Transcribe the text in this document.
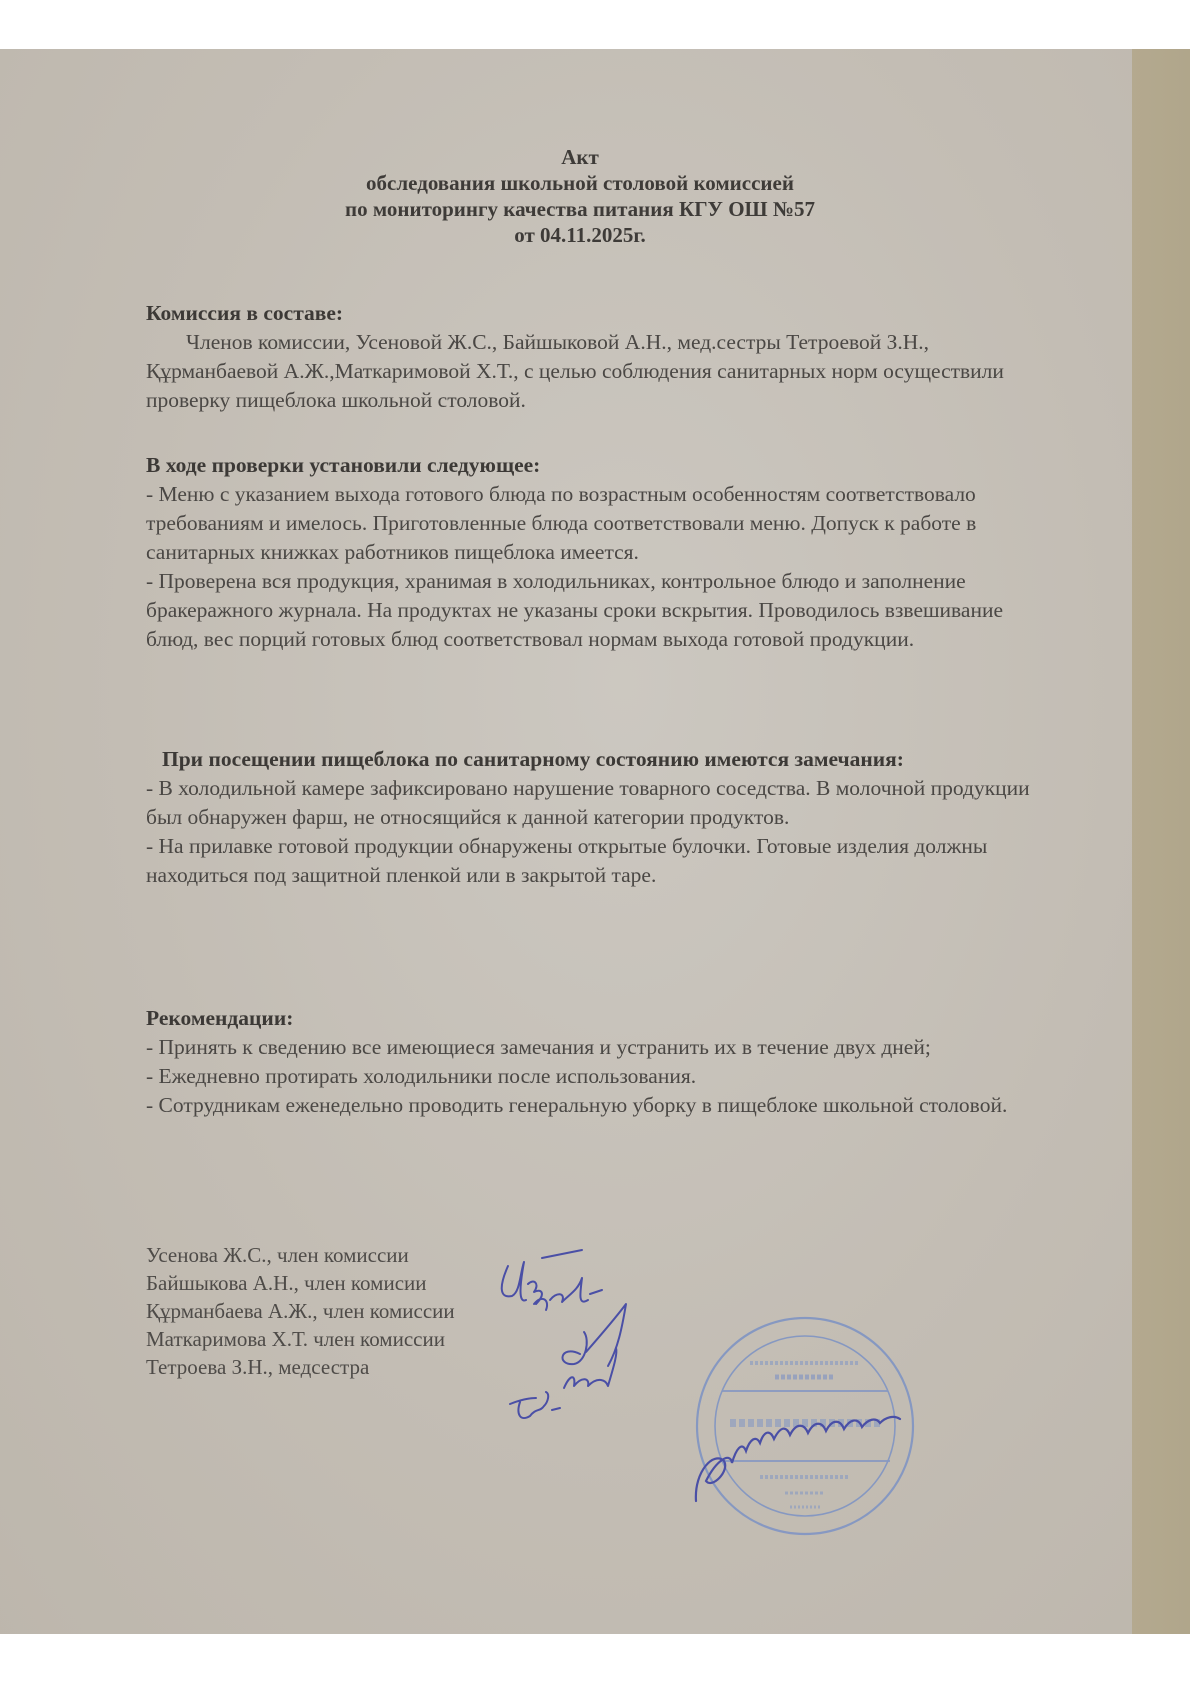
Акт
обследования школьной столовой комиссией
по мониторингу качества питания КГУ ОШ №57
от 04.11.2025г.

Комиссия в составе:

Членов комиссии, Усеновой Ж.С., Байшыковой А.Н., мед.сестры Тетроевой З.Н., Құрманбаевой А.Ж.,Маткаримовой Х.Т., с целью соблюдения санитарных норм осуществили проверку пищеблока школьной столовой.

В ходе проверки установили следующее:

- Меню с указанием выхода готового блюда по возрастным особенностям соответствовало требованиям и имелось. Приготовленные блюда соответствовали меню. Допуск к работе в санитарных книжках работников пищеблока имеется.

- Проверена вся продукция, хранимая в холодильниках, контрольное блюдо и заполнение бракеражного журнала. На продуктах не указаны сроки вскрытия. Проводилось взвешивание блюд, вес порций готовых блюд соответствовал нормам выхода готовой продукции.

При посещении пищеблока по санитарному состоянию имеются замечания:

- В холодильной камере зафиксировано нарушение товарного соседства. В молочной продукции был обнаружен фарш, не относящийся к данной категории продуктов.

- На прилавке готовой продукции обнаружены открытые булочки. Готовые изделия должны находиться под защитной пленкой или в закрытой таре.

Рекомендации:

- Принять к сведению все имеющиеся замечания и устранить их в течение двух дней;

- Ежедневно протирать холодильники после использования.

- Сотрудникам еженедельно проводить генеральную уборку в пищеблоке школьной столовой.

Усенова Ж.С., член комиссии
Байшыкова А.Н., член комисии
Құрманбаева А.Ж., член комиссии
Маткаримова Х.Т. член комиссии
Тетроева З.Н., медсестра
